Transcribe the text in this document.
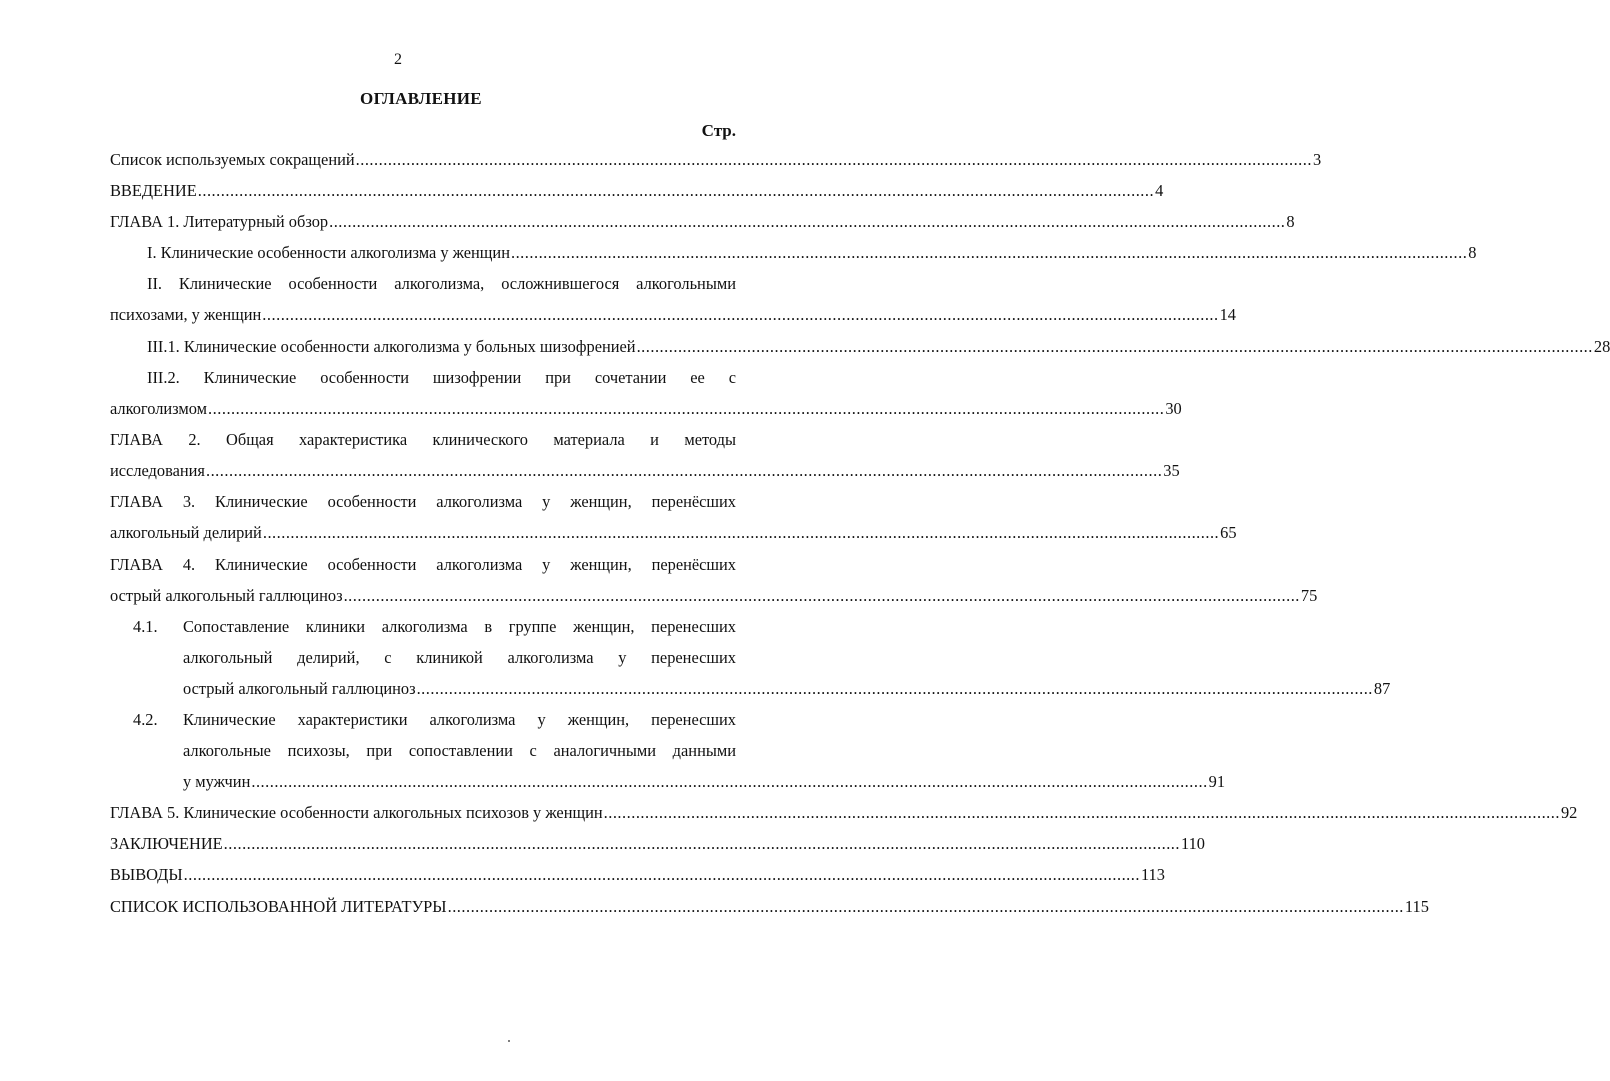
2
ОГЛАВЛЕНИЕ
Стр.
Список используемых сокращений ................................................................................................................................................................................................................ 3
ВВЕДЕНИЕ ................................................................................................................................................................................................................ 4
ГЛАВА 1. Литературный обзор ................................................................................................................................................................................................................ 8
I. Клинические особенности алкоголизма у женщин ................................................................................................................................................................................................................ 8
II. Клинические особенности алкоголизма, осложнившегося алкогольными
психозами, у женщин ................................................................................................................................................................................................................ 14
III.1. Клинические особенности алкоголизма у больных шизофренией ................................................................................................................................................................................................................ 28
III.2. Клинические особенности шизофрении при сочетании ее с
алкоголизмом ................................................................................................................................................................................................................ 30
ГЛАВА 2. Общая характеристика клинического материала и методы
исследования ................................................................................................................................................................................................................ 35
ГЛАВА 3. Клинические особенности алкоголизма у женщин, перенёсших
алкогольный делирий ................................................................................................................................................................................................................ 65
ГЛАВА 4. Клинические особенности алкоголизма у женщин, перенёсших
острый алкогольный галлюциноз ................................................................................................................................................................................................................ 75
4.1. Сопоставление клиники алкоголизма в группе женщин, перенесших
алкогольный делирий, с клиникой алкоголизма у перенесших
острый алкогольный галлюциноз ................................................................................................................................................................................................................ 87
4.2. Клинические характеристики алкоголизма у женщин, перенесших
алкогольные психозы, при сопоставлении с аналогичными данными
у мужчин ................................................................................................................................................................................................................ 91
ГЛАВА 5. Клинические особенности алкогольных психозов у женщин ................................................................................................................................................................................................................ 92
ЗАКЛЮЧЕНИЕ ................................................................................................................................................................................................................ 110
ВЫВОДЫ ................................................................................................................................................................................................................ 113
СПИСОК ИСПОЛЬЗОВАННОЙ ЛИТЕРАТУРЫ ................................................................................................................................................................................................................ 115
